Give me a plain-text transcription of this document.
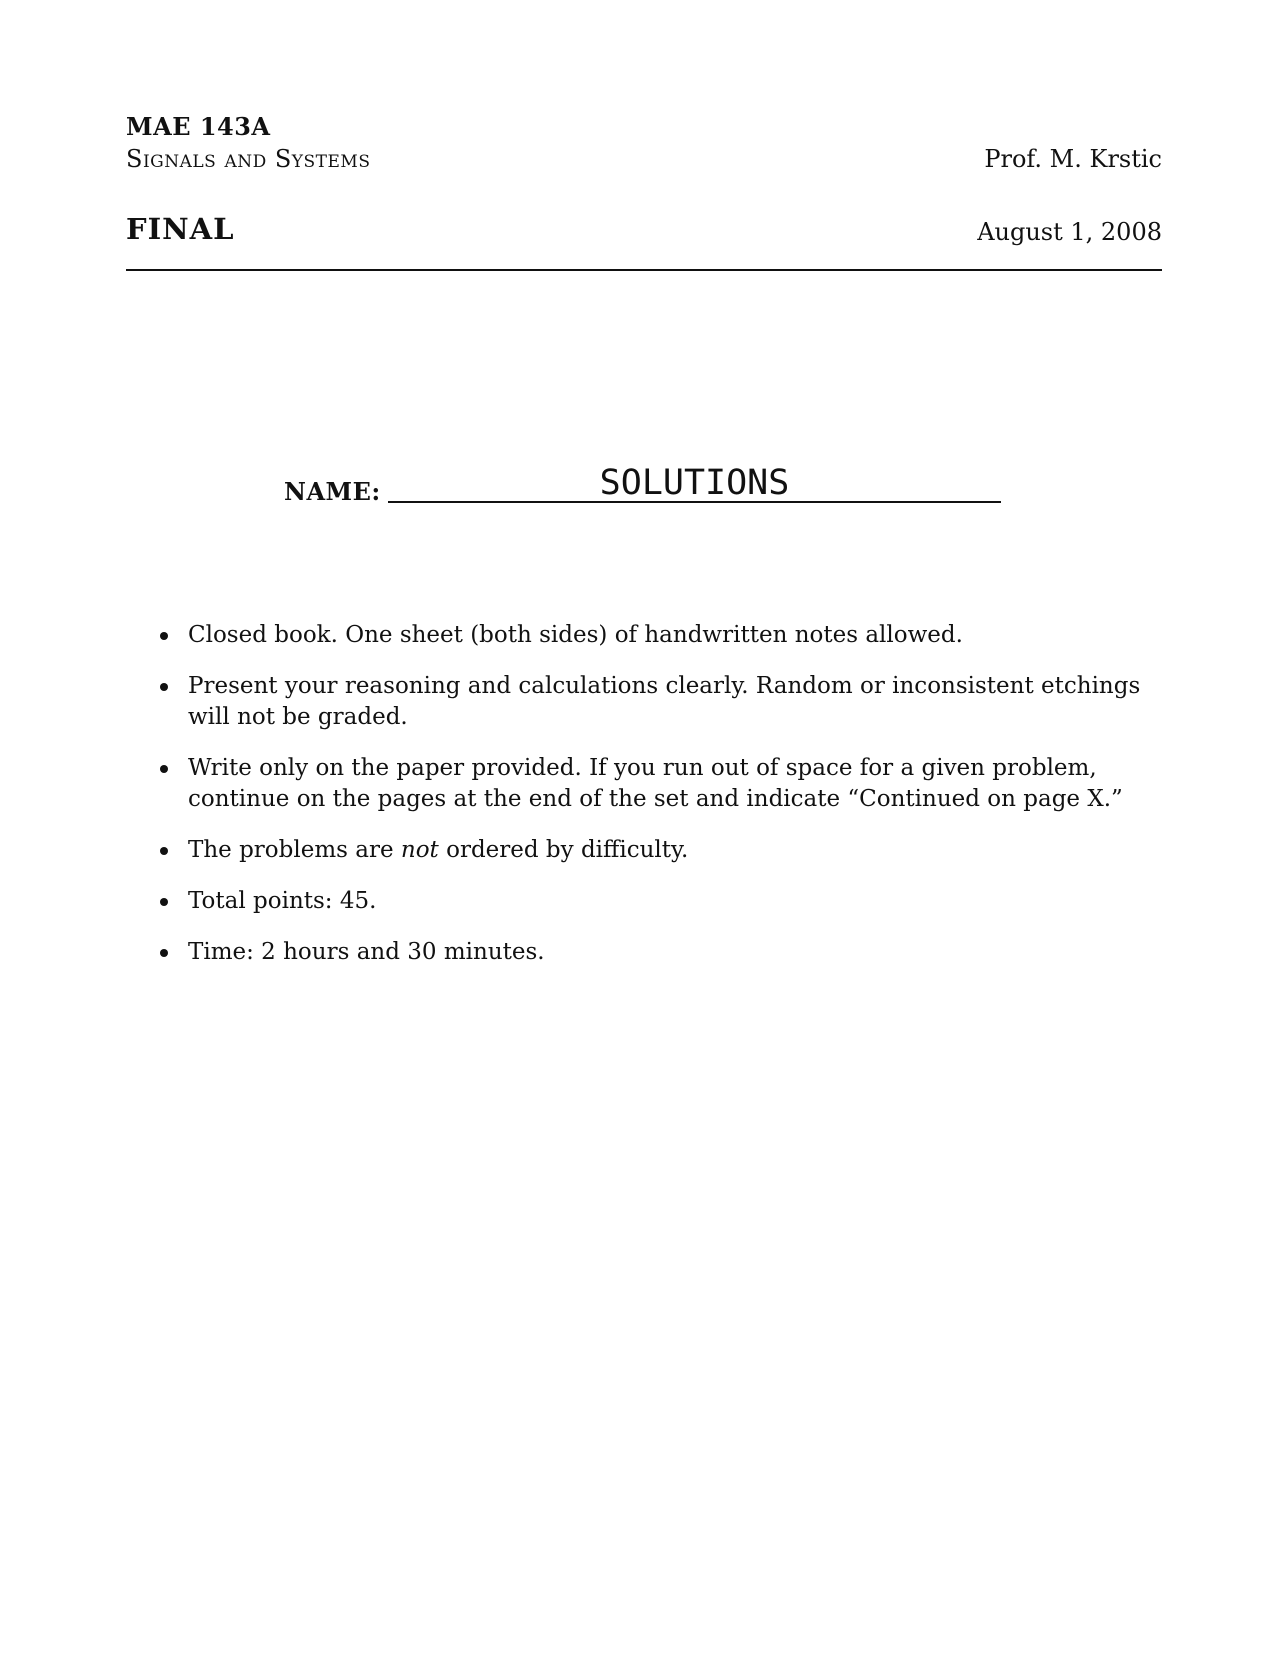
MAE 143A
Signals and Systems	Prof. M. Krstic
FINAL	August 1, 2008
NAME:	SOLUTIONS
Closed book. One sheet (both sides) of handwritten notes allowed.
Present your reasoning and calculations clearly. Random or inconsistent etchings will not be graded.
Write only on the paper provided. If you run out of space for a given problem, continue on the pages at the end of the set and indicate “Continued on page X.”
The problems are not ordered by difficulty.
Total points: 45.
Time: 2 hours and 30 minutes.
